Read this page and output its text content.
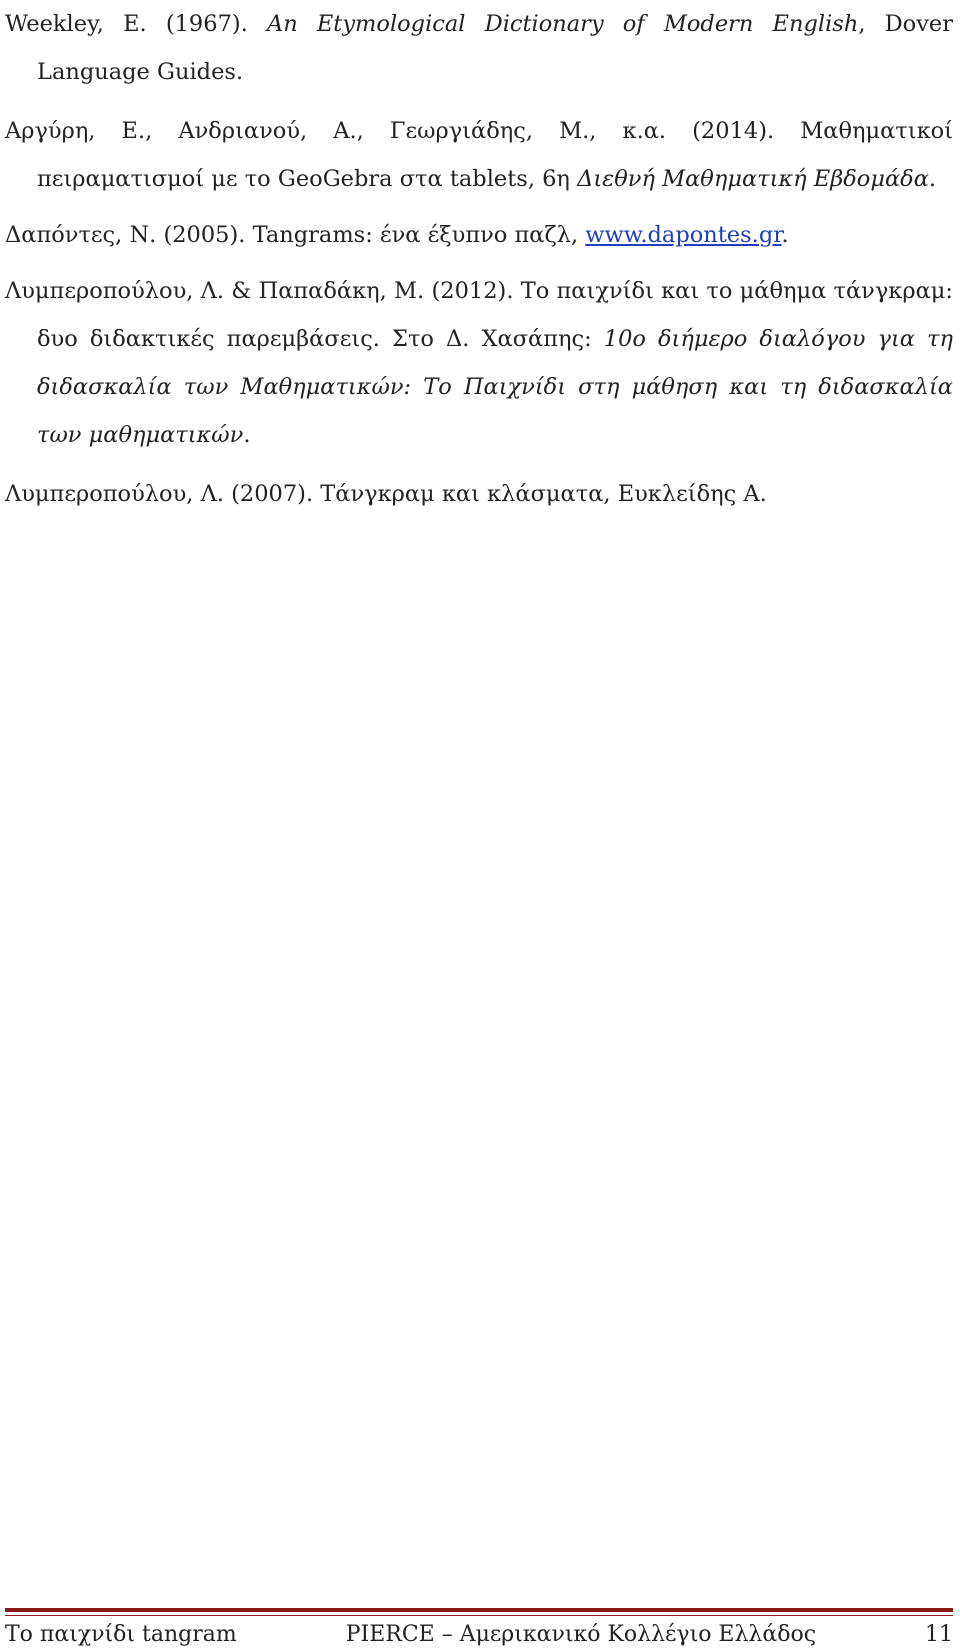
Weekley, E. (1967). An Etymological Dictionary of Modern English, Dover Language Guides.

Αργύρη, Ε., Ανδριανού, Α., Γεωργιάδης, Μ., κ.α. (2014). Μαθηματικοί πειραματισμοί με το GeoGebra στα tablets, 6η Διεθνή Μαθηματική Εβδομάδα.

Δαπόντες, Ν. (2005). Tangrams: ένα έξυπνο παζλ, www.dapontes.gr.

Λυμπεροπούλου, Λ. & Παπαδάκη, Μ. (2012). Το παιχνίδι και το μάθημα τάνγκραμ: δυο διδακτικές παρεμβάσεις. Στο Δ. Χασάπης: 10ο διήμερο διαλόγου για τη διδασκαλία των Μαθηματικών: Το Παιχνίδι στη μάθηση και τη διδασκαλία των μαθηματικών.

Λυμπεροπούλου, Λ. (2007). Τάνγκραμ και κλάσματα, Ευκλείδης Α.

Το παιχνίδι tangram	PIERCE – Αμερικανικό Κολλέγιο Ελλάδος	11
